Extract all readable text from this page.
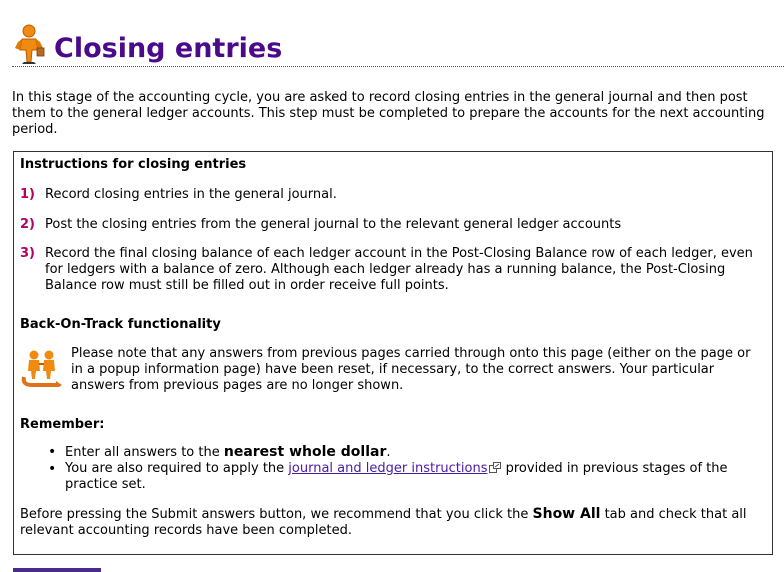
Closing entries

In this stage of the accounting cycle, you are asked to record closing entries in the general journal and then post them to the general ledger accounts. This step must be completed to prepare the accounts for the next accounting period.

Instructions for closing entries

1) Record closing entries in the general journal.
2) Post the closing entries from the general journal to the relevant general ledger accounts
3) Record the final closing balance of each ledger account in the Post-Closing Balance row of each ledger, even for ledgers with a balance of zero. Although each ledger already has a running balance, the Post-Closing Balance row must still be filled out in order receive full points.

Back-On-Track functionality

Please note that any answers from previous pages carried through onto this page (either on the page or in a popup information page) have been reset, if necessary, to the correct answers. Your particular answers from previous pages are no longer shown.

Remember:

• Enter all answers to the nearest whole dollar.
• You are also required to apply the journal and ledger instructions provided in previous stages of the practice set.
Before pressing the Submit answers button, we recommend that you click the Show All tab and check that all relevant accounting records have been completed.
